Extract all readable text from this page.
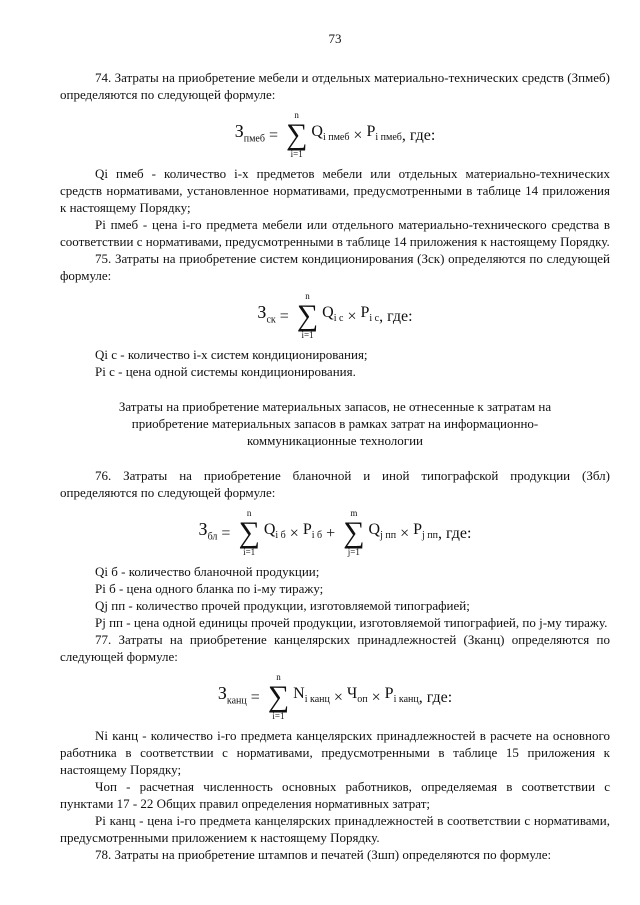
73

74. Затраты на приобретение мебели и отдельных материально-технических средств (Зпмеб) определяются по следующей формуле:

$З_{пмеб}$ =
n
∑
i=1
$Q_{i пмеб} \times P_{i пмеб}$ , где:

Qi пмеб - количество i-х предметов мебели или отдельных материально-технических средств нормативами, установленное нормативами, предусмотренными в таблице 14 приложения к настоящему Порядку;

Pi пмеб - цена i-го предмета мебели или отдельного материально-технического средства в соответствии с нормативами, предусмотренными в таблице 14 приложения к настоящему Порядку.

75. Затраты на приобретение систем кондиционирования (Зск) определяются по следующей формуле:

$З_{ск}$ =
n
∑
i=1
$Q_{i c} \times P_{i c}$ , где:

Qi c - количество i-х систем кондиционирования;

Pi c - цена одной системы кондиционирования.

Затраты на приобретение материальных запасов, не отнесенные к затратам на приобретение материальных запасов в рамках затрат на информационно-коммуникационные технологии

76. Затраты на приобретение бланочной и иной типографской продукции (Збл) определяются по следующей формуле:

$З_{бл}$ =
n
∑
i=1
$Q_{i б} \times P_{i б}$ +
m
∑
j=1
$Q_{j пп} \times P_{j пп}$ , где:

Qi б - количество бланочной продукции;

Pi б - цена одного бланка по i-му тиражу;

Qj пп - количество прочей продукции, изготовляемой типографией;

Pj пп - цена одной единицы прочей продукции, изготовляемой типографией, по j-му тиражу.

77. Затраты на приобретение канцелярских принадлежностей (Зканц) определяются по следующей формуле:

$З_{канц}$ =
n
∑
i=1
$N_{i канц} \times Ч_{оп} \times P_{i канц}$ , где:

Ni канц - количество i-го предмета канцелярских принадлежностей в расчете на основного работника в соответствии с нормативами, предусмотренными в таблице 15 приложения к настоящему Порядку;

Чоп - расчетная численность основных работников, определяемая в соответствии с пунктами 17 - 22 Общих правил определения нормативных затрат;

Pi канц - цена i-го предмета канцелярских принадлежностей в соответствии с нормативами, предусмотренными приложением к настоящему Порядку.

78. Затраты на приобретение штампов и печатей (Зшп) определяются по формуле:
